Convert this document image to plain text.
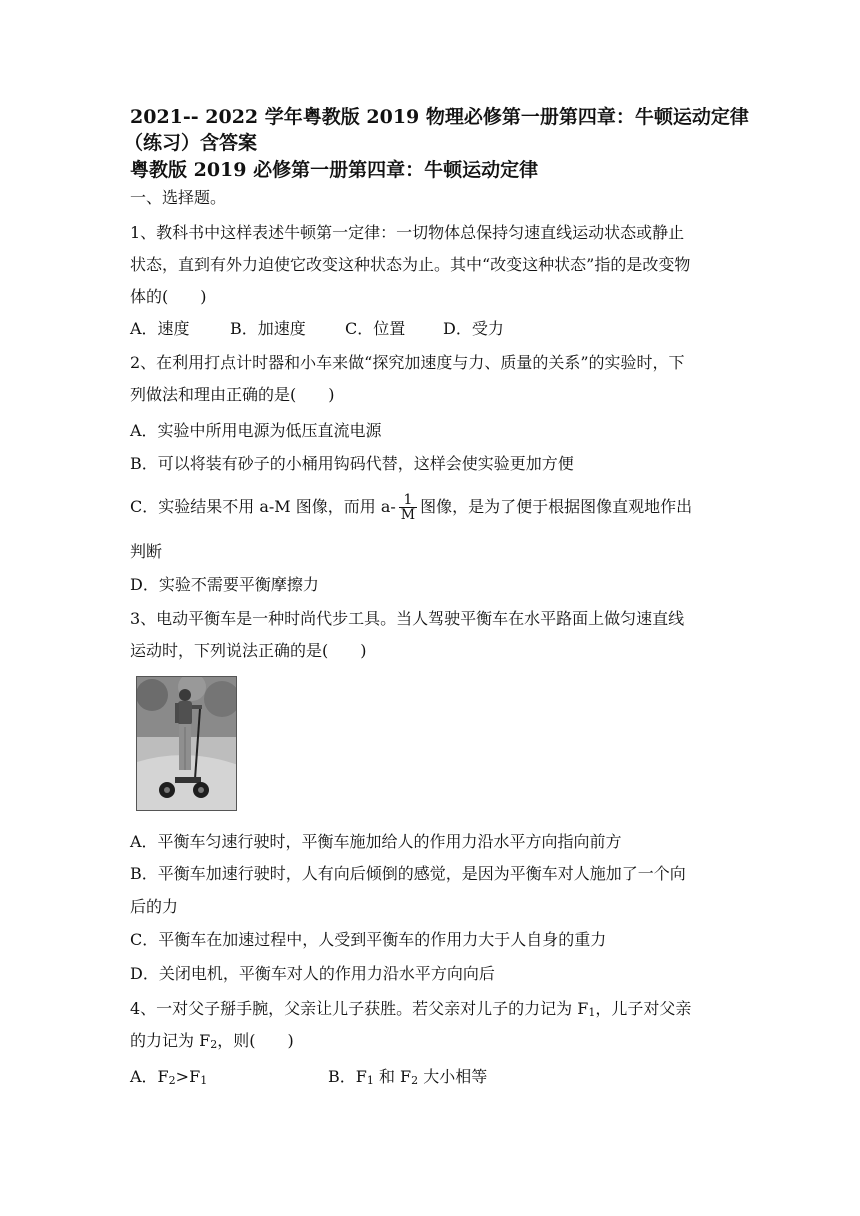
2021-- 2022 学年粤教版 2019 物理必修第一册第四章：牛顿运动定律
（练习）含答案
粤教版 2019 必修第一册第四章：牛顿运动定律
一、选择题。
1、教科书中这样表述牛顿第一定律：一切物体总保持匀速直线运动状态或静止
状态，直到有外力迫使它改变这种状态为止。其中“改变这种状态”指的是改变物
体的(　　)
A．速度	B．加速度 C．位置 D．受力
2、在利用打点计时器和小车来做“探究加速度与力、质量的关系”的实验时，下
列做法和理由正确的是(　　)
A．实验中所用电源为低压直流电源
B．可以将装有砂子的小桶用钩码代替，这样会使实验更加方便
C．实验结果不用 a-M 图像，而用 $a- \frac{1}{M}$ 图像，是为了便于根据图像直观地作出
判断
D．实验不需要平衡摩擦力
3、电动平衡车是一种时尚代步工具。当人驾驶平衡车在水平路面上做匀速直线
运动时，下列说法正确的是(　　)
A．平衡车匀速行驶时，平衡车施加给人的作用力沿水平方向指向前方
B．平衡车加速行驶时，人有向后倾倒的感觉，是因为平衡车对人施加了一个向
后的力
C．平衡车在加速过程中，人受到平衡车的作用力大于人自身的重力
D．关闭电机，平衡车对人的作用力沿水平方向向后
4、一对父子掰手腕，父亲让儿子获胜。若父亲对儿子的力记为 $F_1$，儿子对父亲
的力记为 $F_2$，则(　　)
A．$F_2>F_1$	B．$F_1$ 和 $F_2$ 大小相等
